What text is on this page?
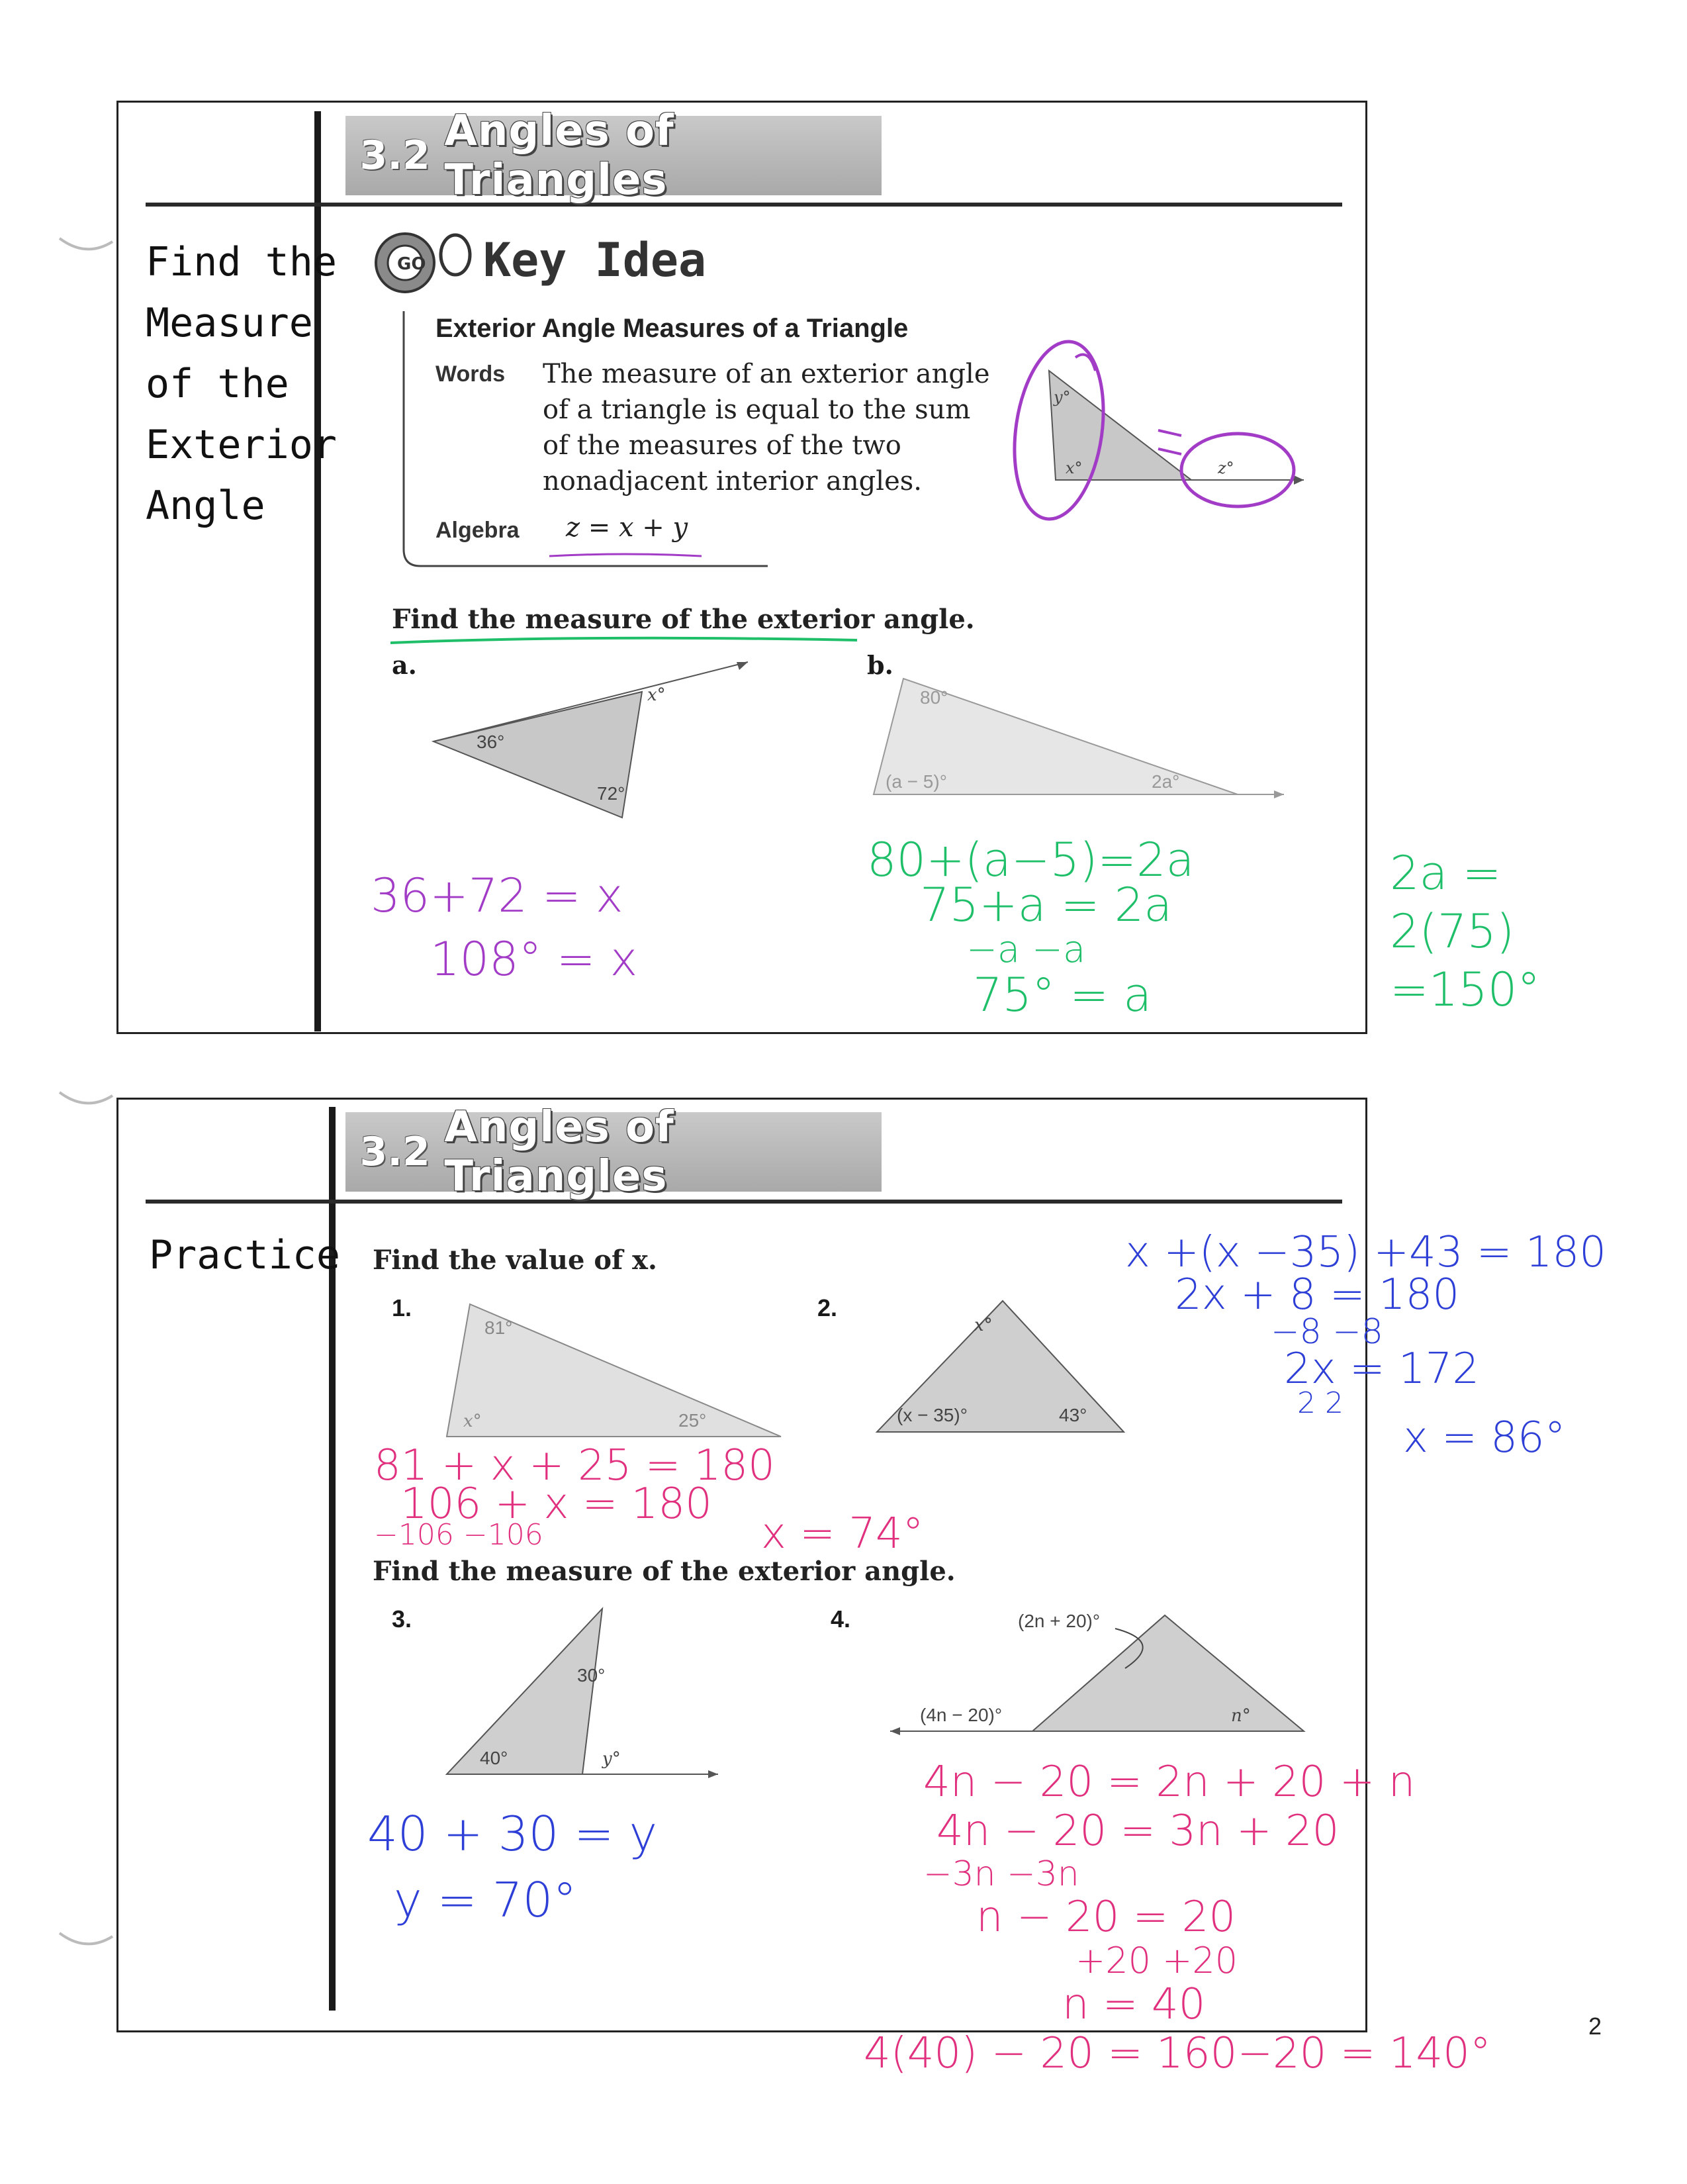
3.2 Angles of Triangles
Find the
Measure
of the
Exterior
Angle
GO Key Idea
Exterior Angle Measures of a Triangle
Words The measure of an exterior angle
of a triangle is equal to the sum
of the measures of the two
nonadjacent interior angles.
Algebra z = x + y
x°
y°
z°
Find the measure of the exterior angle.
a.
36°
72°
x°
b.
80°
(a − 5)°	2a°
36+72 = x
108° = x
80+(a−5)=2a
75+a = 2a
−a −a
75° = a
2a =
2(75)
=150°
3.2 Angles of Triangles
Practice Find the value of x.
1.
81°
x°	25°
2.
x°
(x − 35)°	43°
Find the measure of the exterior angle.
3.
30°
40°	y°
4.	(2n + 20)°
(4n − 20)°	n°
81 + x + 25 = 180
106 + x = 180
−106 −106	x = 74°
x +(x −35) +43 = 180
2x + 8 = 180
−8 −8
2x = 172
2 2
x = 86°
40 + 30 = y
y = 70°
4n − 20 = 2n + 20 + n
4n − 20 = 3n + 20
−3n −3n
n − 20 = 20
+20 +20
n = 40
4(40) − 20 = 160−20 = 140°
2
